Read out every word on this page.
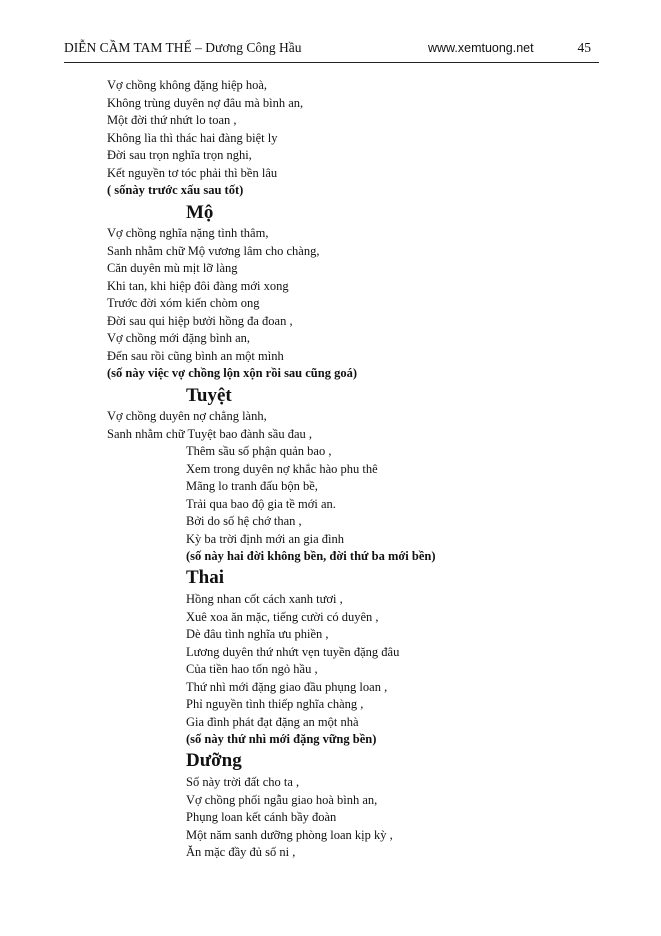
DIỄN CẦM TAM THẾ – Dương Công Hầu	www.xemtuong.net	45
Vợ chồng không đặng hiệp hoà,
Không trùng duyên nợ đâu mà bình an,
Một đời thứ nhứt lo toan ,
Không lìa thì thác hai đàng biệt ly
Đời sau trọn nghĩa trọn nghi,
Kết nguyền tơ tóc phải thì bền lâu
( sốnày trước xấu sau tốt)
Mộ
Vợ chồng nghĩa nặng tình thâm,
Sanh nhằm chữ Mộ vương lâm cho chàng,
Căn duyên mù mịt lỡ làng
Khi tan, khi hiệp đôi đàng mới xong
Trước đời xóm kiến chòm ong
Đời sau qui hiệp bưởi hồng đa đoan ,
Vợ chồng mới đặng bình an,
Đến sau rồi cũng bình an một mình
(số này việc vợ chồng lộn xộn rồi sau cũng goá)
Tuyệt
Vợ chồng duyên nợ chẳng lành,
Sanh nhằm chữ Tuyệt bao đành sầu đau ,
Thêm sầu số phận quản bao ,
Xem trong duyên nợ khắc hào phu thê
Mãng lo tranh đấu bộn bề,
Trải qua bao độ gia tề mới an.
Bởi do số hệ chớ than ,
Kỳ ba trời định mới an gia đình
(số này hai đời không bền, đời thứ ba mới bền)
Thai
Hồng nhan cốt cách xanh tươi ,
Xuê xoa ăn mặc, tiếng cười có duyên ,
Dè đâu tình nghĩa ưu phiền ,
Lương duyên thứ nhứt vẹn tuyền đặng đâu
Của tiền hao tốn ngỏ hầu ,
Thứ nhì mới đặng giao đầu phụng loan ,
Phỉ nguyền tình thiếp nghĩa chàng ,
Gia đình phát đạt đặng an một nhà
(số này thứ nhì mới đặng vững bền)
Dưỡng
Số này trời đất cho ta ,
Vợ chồng phối ngẫu giao hoà bình an,
Phụng loan kết cánh bầy đoàn
Một năm sanh dưỡng phòng loan kịp kỳ ,
Ăn mặc đầy đủ số ni ,
